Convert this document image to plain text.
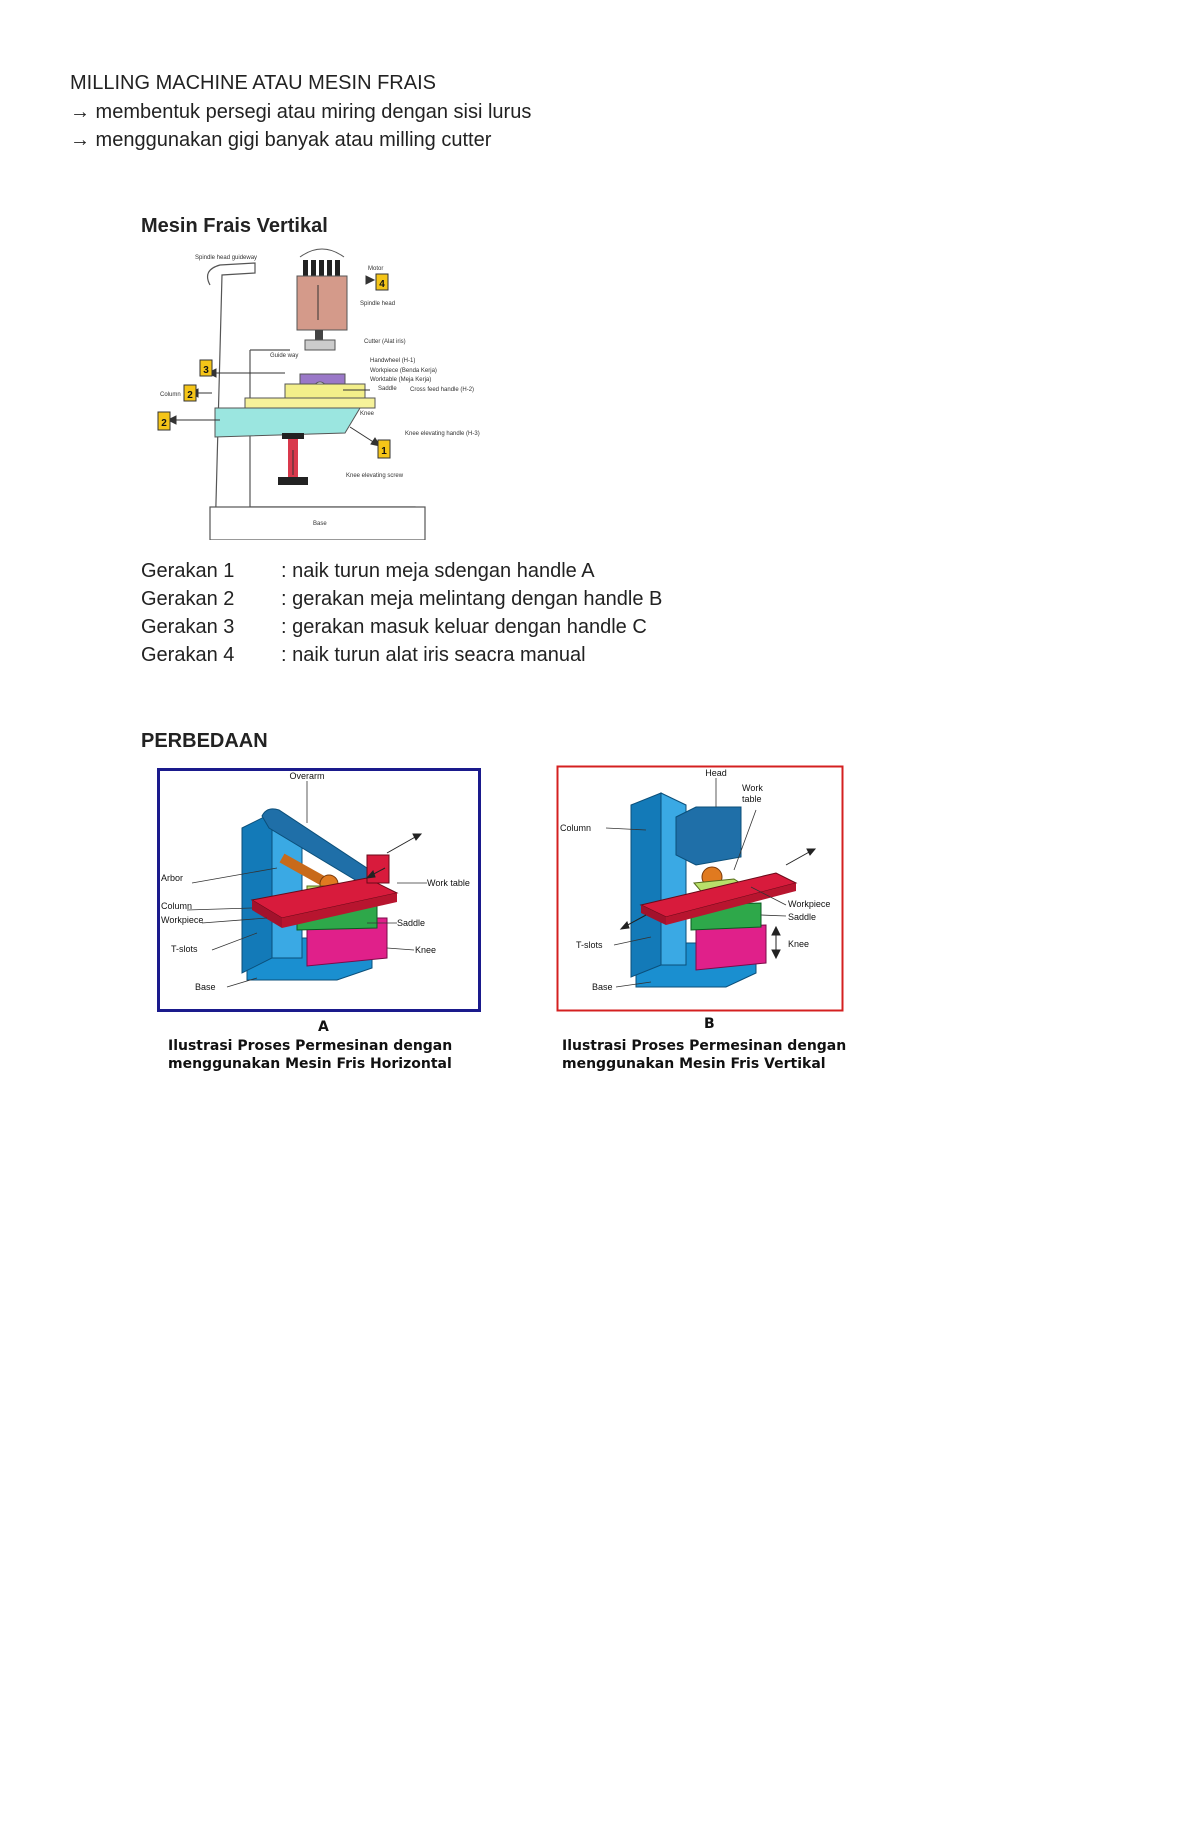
MILLING MACHINE ATAU MESIN FRAIS
→ membentuk persegi atau miring dengan sisi lurus
→ menggunakan gigi banyak atau milling cutter
Mesin Frais Vertikal
4
3
2
2
1
Spindle head guideway
Motor
Spindle head
Cutter (Alat iris)
Guide way
Handwheel (H-1)
Workpiece (Benda Kerja)
Worktable (Meja Kerja)
Saddle Cross feed handle (H-2)
Column
Knee
Knee elevating handle (H-3)
Knee elevating screw
Base
Gerakan 1 : naik turun meja sdengan handle A
Gerakan 2 : gerakan meja melintang dengan handle B
Gerakan 3 : gerakan masuk keluar dengan handle C
Gerakan 4 : naik turun alat iris seacra manual
PERBEDAAN
Overarm
Arbor
Column
Workpiece
T-slots
Base
Work table
Saddle
Knee
A
Ilustrasi Proses Permesinan dengan
menggunakan Mesin Fris Horizontal
Head
Work
table
Column
Workpiece
Saddle
T-slots	Knee
Base
B
Ilustrasi Proses Permesinan dengan
menggunakan Mesin Fris Vertikal
